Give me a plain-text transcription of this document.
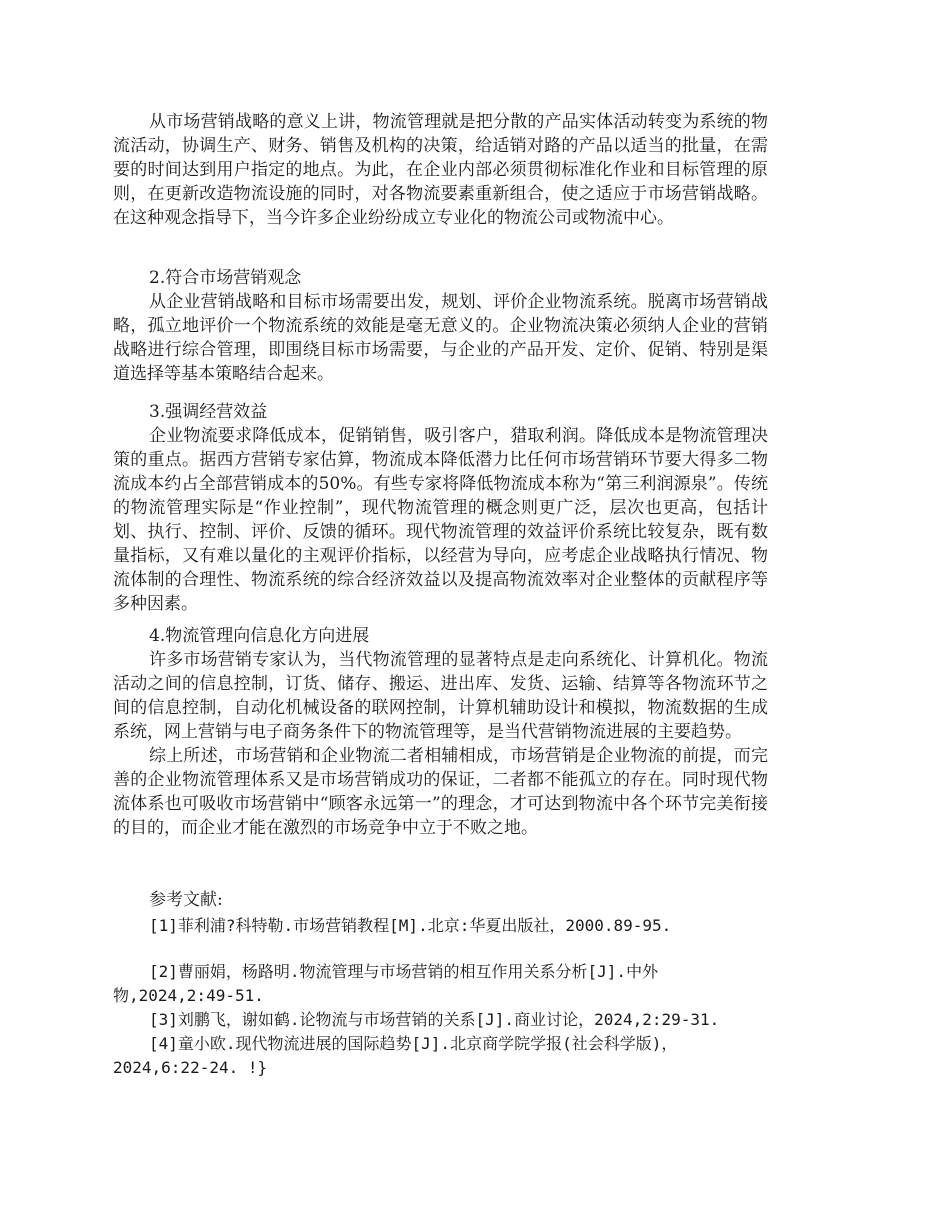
从市场营销战略的意义上讲，物流管理就是把分散的产品实体活动转变为系统的物流活动，协调生产、财务、销售及机构的决策，给适销对路的产品以适当的批量，在需要的时间达到用户指定的地点。为此，在企业内部必须贯彻标准化作业和目标管理的原则，在更新改造物流设施的同时，对各物流要素重新组合，使之适应于市场营销战略。在这种观念指导下，当今许多企业纷纷成立专业化的物流公司或物流中心。

2.符合市场营销观念

从企业营销战略和目标市场需要出发，规划、评价企业物流系统。脱离市场营销战略，孤立地评价一个物流系统的效能是毫无意义的。企业物流决策必须纳人企业的营销战略进行综合管理，即围绕目标市场需要，与企业的产品开发、定价、促销、特别是渠道选择等基本策略结合起来。

3.强调经营效益

企业物流要求降低成本，促销销售，吸引客户，猎取利润。降低成本是物流管理决策的重点。据西方营销专家估算，物流成本降低潜力比任何市场营销环节要大得多二物流成本约占全部营销成本的50%。有些专家将降低物流成本称为“第三利润源泉”。传统的物流管理实际是“作业控制”，现代物流管理的概念则更广泛，层次也更高，包括计划、执行、控制、评价、反馈的循环。现代物流管理的效益评价系统比较复杂，既有数量指标，又有难以量化的主观评价指标，以经营为导向，应考虑企业战略执行情况、物流体制的合理性、物流系统的综合经济效益以及提高物流效率对企业整体的贡献程序等多种因素。

4.物流管理向信息化方向进展

许多市场营销专家认为，当代物流管理的显著特点是走向系统化、计算机化。物流活动之间的信息控制，订货、储存、搬运、进出库、发货、运输、结算等各物流环节之间的信息控制，自动化机械设备的联网控制，计算机辅助设计和模拟，物流数据的生成系统，网上营销与电子商务条件下的物流管理等，是当代营销物流进展的主要趋势。

综上所述，市场营销和企业物流二者相辅相成，市场营销是企业物流的前提，而完善的企业物流管理体系又是市场营销成功的保证，二者都不能孤立的存在。同时现代物流体系也可吸收市场营销中“顾客永远第一”的理念，才可达到物流中各个环节完美衔接的目的，而企业才能在激烈的市场竞争中立于不败之地。

参考文献:

[1]菲利浦?科特勒.市场营销教程[M].北京:华夏出版社，2000.89-95.

[2]曹丽娟，杨路明.物流管理与市场营销的相互作用关系分析[J].中外物,2024,2:49-51.

[3]刘鹏飞，谢如鹤.论物流与市场营销的关系[J].商业讨论，2024,2:29-31.

[4]童小欧.现代物流进展的国际趋势[J].北京商学院学报(社会科学版)，2024,6:22-24. !}
